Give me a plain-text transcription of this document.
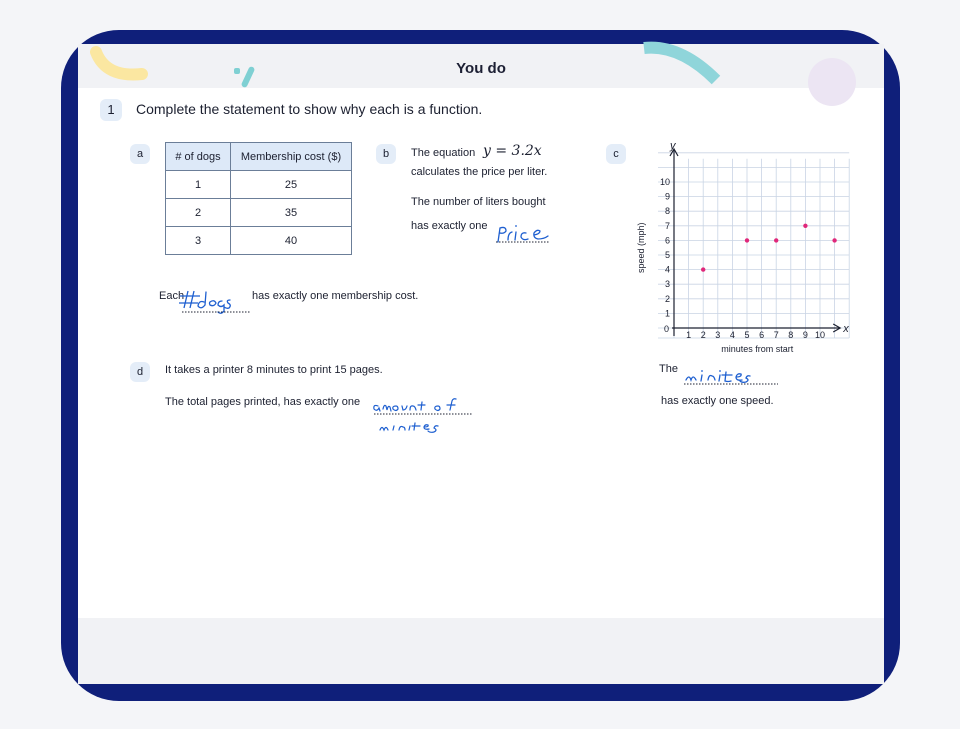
You do
1	Complete the statement to show why each is a function.
a	# of dogs	Membership cost ($)
1	25
2	35
3	40
Each	has exactly one membership cost.
b	The equation y = 3.2x
calculates the price per liter.
The number of liters bought
has exactly one
c
y
x
0
1
2
3
4
5
6
7
8
9
10
1 2 3 4 5 6 7 8 9 10
speed (mph)
minutes from start
The
has exactly one speed.
d	It takes a printer 8 minutes to print 15 pages.
The total pages printed, has exactly one
